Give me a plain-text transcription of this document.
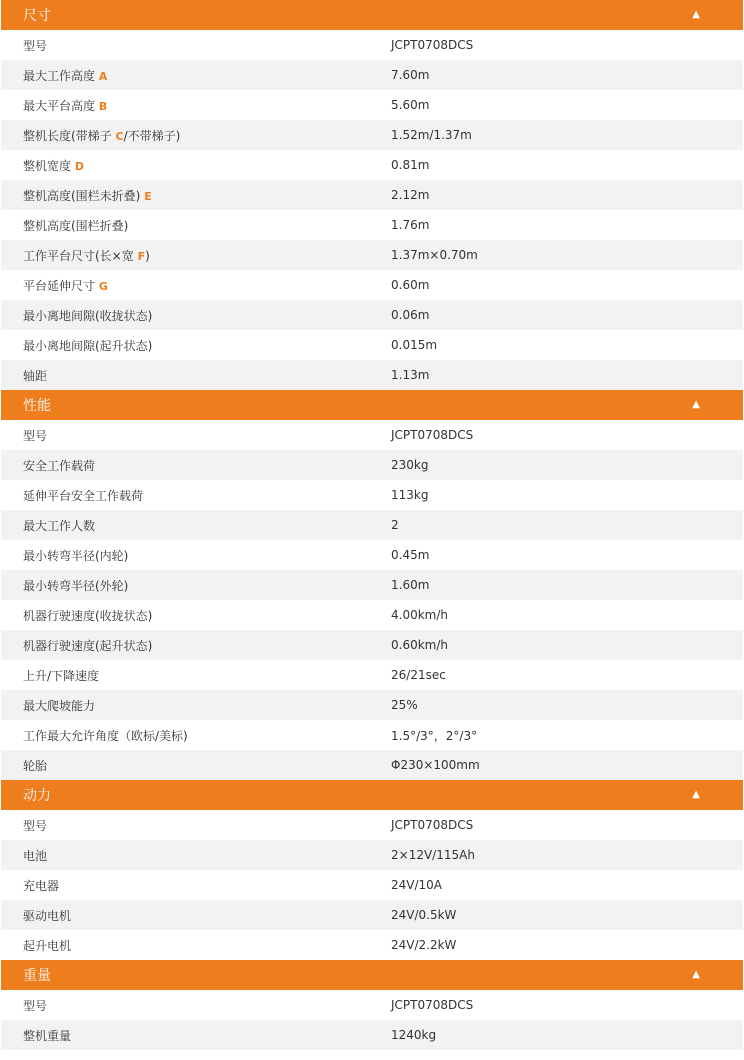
尺寸	▲
型号	JCPT0708DCS
最大工作高度 A	7.60m
最大平台高度 B	5.60m
整机长度(带梯子 C/不带梯子)	1.52m/1.37m
整机宽度 D	0.81m
整机高度(围栏未折叠) E	2.12m
整机高度(围栏折叠)	1.76m
工作平台尺寸(长×宽 F)	1.37m×0.70m
平台延伸尺寸 G	0.60m
最小离地间隙(收拢状态)	0.06m
最小离地间隙(起升状态)	0.015m
轴距	1.13m
性能	▲
型号	JCPT0708DCS
安全工作载荷	230kg
延伸平台安全工作载荷	113kg
最大工作人数	2
最小转弯半径(内轮)	0.45m
最小转弯半径(外轮)	1.60m
机器行驶速度(收拢状态)	4.00km/h
机器行驶速度(起升状态)	0.60km/h
上升/下降速度	26/21sec
最大爬坡能力	25%
工作最大允许角度（欧标/美标)	1.5°/3°，2°/3°
轮胎	Φ230×100mm
动力	▲
型号	JCPT0708DCS
电池	2×12V/115Ah
充电器	24V/10A
驱动电机	24V/0.5kW
起升电机	24V/2.2kW
重量	▲
型号	JCPT0708DCS
整机重量	1240kg
